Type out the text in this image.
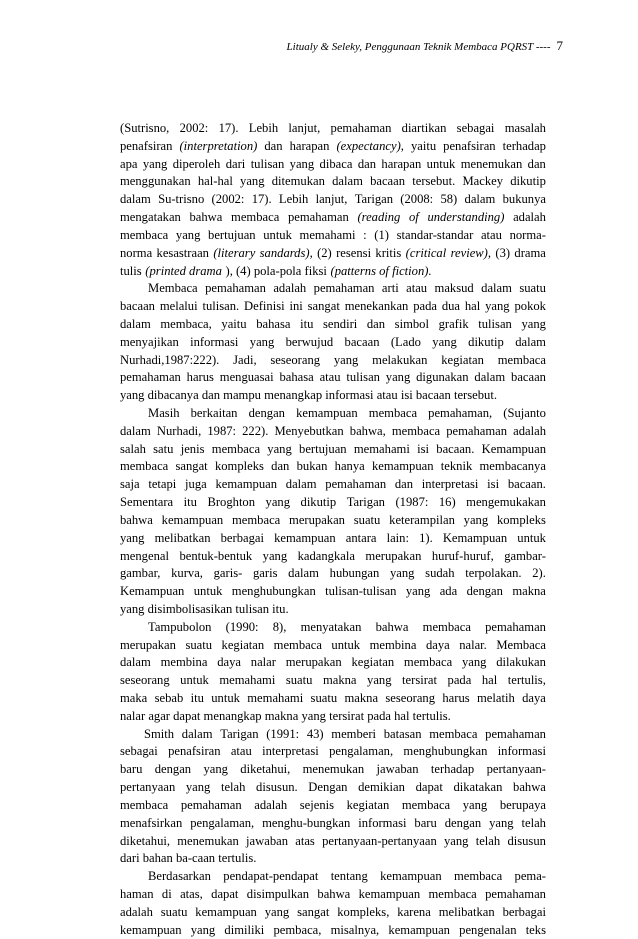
Litualy & Seleky, Penggunaan Teknik Membaca PQRST ---- 7
(Sutrisno, 2002: 17). Lebih lanjut, pemahaman diartikan sebagai masalah
penafsiran (interpretation) dan harapan (expectancy), yaitu penafsiran terhadap
apa yang diperoleh dari tulisan yang dibaca dan harapan untuk menemukan dan
menggunakan hal-hal yang ditemukan dalam bacaan tersebut. Mackey dikutip
dalam Su-trisno (2002: 17). Lebih lanjut, Tarigan (2008: 58) dalam bukunya
mengatakan bahwa membaca pemahaman (reading of understanding) adalah
membaca yang bertujuan untuk memahami : (1) standar-standar atau norma-
norma kesastraan (literary sandards), (2) resensi kritis (critical review), (3) drama
tulis (printed drama ), (4) pola-pola fiksi (patterns of fiction).
Membaca pemahaman adalah pemahaman arti atau maksud dalam suatu
bacaan melalui tulisan. Definisi ini sangat menekankan pada dua hal yang pokok
dalam membaca, yaitu bahasa itu sendiri dan simbol grafik tulisan yang
menyajikan informasi yang berwujud bacaan (Lado yang dikutip dalam
Nurhadi,1987:222). Jadi, seseorang yang melakukan kegiatan membaca
pemahaman harus menguasai bahasa atau tulisan yang digunakan dalam bacaan
yang dibacanya dan mampu menangkap informasi atau isi bacaan tersebut.
Masih berkaitan dengan kemampuan membaca pemahaman, (Sujanto
dalam Nurhadi, 1987: 222). Menyebutkan bahwa, membaca pemahaman adalah
salah satu jenis membaca yang bertujuan memahami isi bacaan. Kemampuan
membaca sangat kompleks dan bukan hanya kemampuan teknik membacanya
saja tetapi juga kemampuan dalam pemahaman dan interpretasi isi bacaan.
Sementara itu Broghton yang dikutip Tarigan (1987: 16) mengemukakan
bahwa kemampuan membaca merupakan suatu keterampilan yang kompleks
yang melibatkan berbagai kemampuan antara lain: 1). Kemampuan untuk
mengenal bentuk-bentuk yang kadangkala merupakan huruf-huruf, gambar-
gambar, kurva, garis- garis dalam hubungan yang sudah terpolakan. 2).
Kemampuan untuk menghubungkan tulisan-tulisan yang ada dengan makna
yang disimbolisasikan tulisan itu.
Tampubolon (1990: 8), menyatakan bahwa membaca pemahaman
merupakan suatu kegiatan membaca untuk membina daya nalar. Membaca
dalam membina daya nalar merupakan kegiatan membaca yang dilakukan
seseorang untuk memahami suatu makna yang tersirat pada hal tertulis,
maka sebab itu untuk memahami suatu makna seseorang harus melatih daya
nalar agar dapat menangkap makna yang tersirat pada hal tertulis.
Smith dalam Tarigan (1991: 43) memberi batasan membaca pemahaman
sebagai penafsiran atau interpretasi pengalaman, menghubungkan informasi
baru dengan yang diketahui, menemukan jawaban terhadap pertanyaan-
pertanyaan yang telah disusun. Dengan demikian dapat dikatakan bahwa
membaca pemahaman adalah sejenis kegiatan membaca yang berupaya
menafsirkan pengalaman, menghu-bungkan informasi baru dengan yang telah
diketahui, menemukan jawaban atas pertanyaan-pertanyaan yang telah disusun
dari bahan ba-caan tertulis.
Berdasarkan pendapat-pendapat tentang kemampuan membaca pema-
haman di atas, dapat disimpulkan bahwa kemampuan membaca pemahaman
adalah suatu kemampuan yang sangat kompleks, karena melibatkan berbagai
kemampuan yang dimiliki pembaca, misalnya, kemampuan pengenalan teks
